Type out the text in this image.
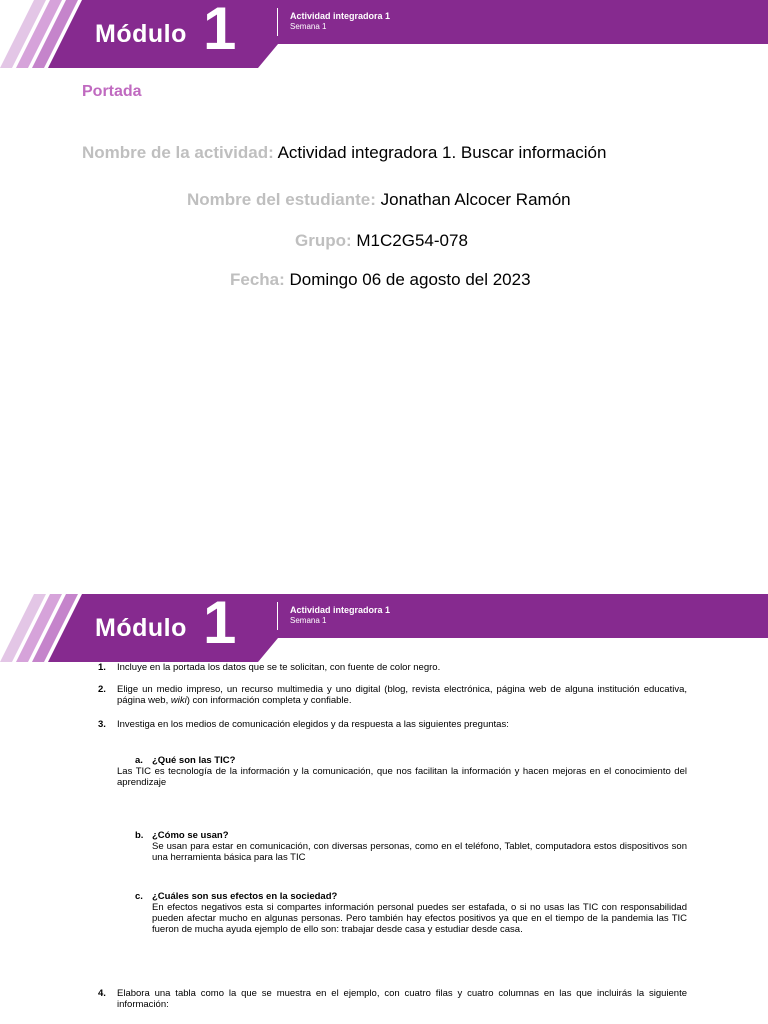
Módulo 1	Actividad integradora 1
Semana 1
Portada
Nombre de la actividad: Actividad integradora 1. Buscar información
Nombre del estudiante: Jonathan Alcocer Ramón
Grupo: M1C2G54-078
Fecha: Domingo 06 de agosto del 2023
Módulo 1	Actividad integradora 1
Semana 1
1. Incluye en la portada los datos que se te solicitan, con fuente de color negro.
2. Elige un medio impreso, un recurso multimedia y uno digital (blog, revista electrónica, página web de alguna institución educativa, página web, wiki) con información completa y confiable.
3. Investiga en los medios de comunicación elegidos y da respuesta a las siguientes preguntas:
a. ¿Qué son las TIC?
Las TIC es tecnología de la información y la comunicación, que nos facilitan la información y hacen mejoras en el conocimiento del aprendizaje
b. ¿Cómo se usan?
Se usan para estar en comunicación, con diversas personas, como en el teléfono, Tablet, computadora estos dispositivos son una herramienta básica para las TIC
c. ¿Cuáles son sus efectos en la sociedad?
En efectos negativos esta si compartes información personal puedes ser estafada, o si no usas las TIC con responsabilidad pueden afectar mucho en algunas personas. Pero también hay efectos positivos ya que en el tiempo de la pandemia las TIC fueron de mucha ayuda ejemplo de ello son: trabajar desde casa y estudiar desde casa.
4. Elabora una tabla como la que se muestra en el ejemplo, con cuatro filas y cuatro columnas en las que incluirás la siguiente información:
